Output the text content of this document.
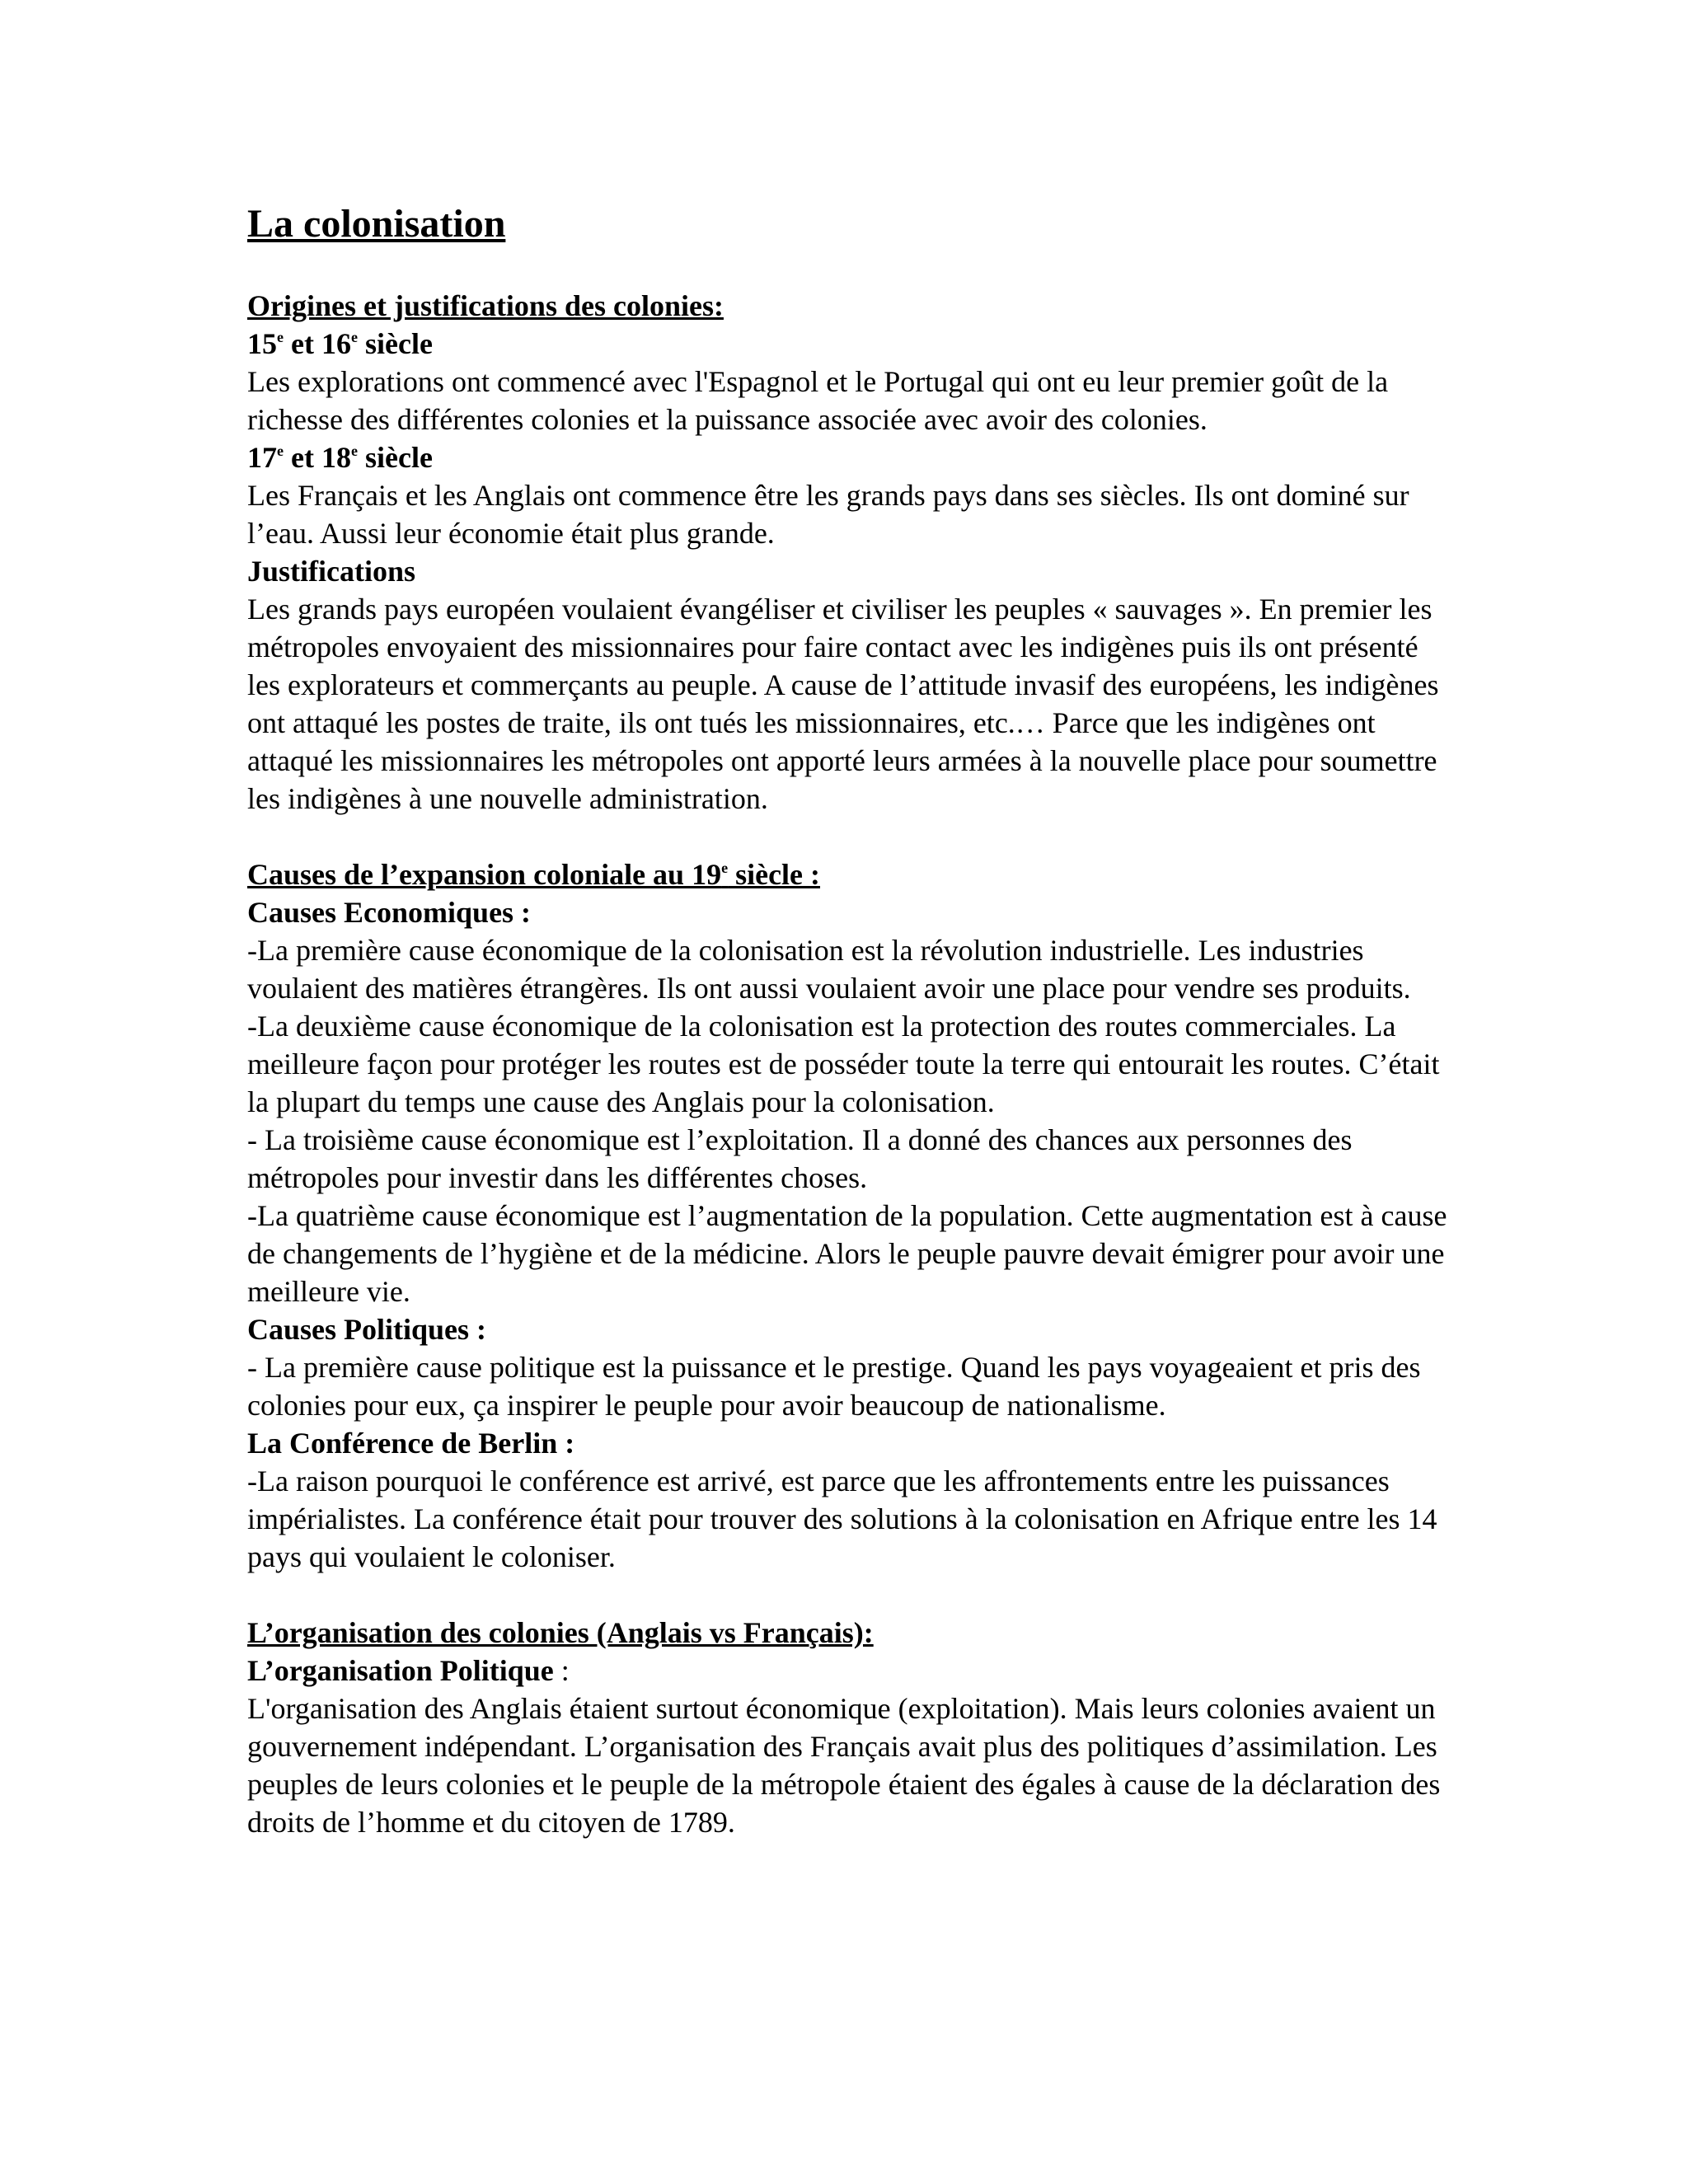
La colonisation
Origines et justifications des colonies:
15e et 16e siècle

Les explorations ont commencé avec l'Espagnol et le Portugal qui ont eu leur premier goût de la richesse des différentes colonies et la puissance associée avec avoir des colonies.

17e et 18e siècle

Les Français et les Anglais ont commence être les grands pays dans ses siècles. Ils ont dominé sur l’eau. Aussi leur économie était plus grande.

Justifications

Les grands pays européen voulaient évangéliser et civiliser les peuples « sauvages ». En premier les métropoles envoyaient des missionnaires pour faire contact avec les indigènes puis ils ont présenté les explorateurs et commerçants au peuple. A cause de l’attitude invasif des européens, les indigènes ont attaqué les postes de traite, ils ont tués les missionnaires, etc.… Parce que les indigènes ont attaqué les missionnaires les métropoles ont apporté leurs armées à la nouvelle place pour soumettre les indigènes à une nouvelle administration.

Causes de l’expansion coloniale au 19e siècle :
Causes Economiques :

-La première cause économique de la colonisation est la révolution industrielle. Les industries voulaient des matières étrangères. Ils ont aussi voulaient avoir une place pour vendre ses produits.

-La deuxième cause économique de la colonisation est la protection des routes commerciales. La meilleure façon pour protéger les routes est de posséder toute la terre qui entourait les routes. C’était la plupart du temps une cause des Anglais pour la colonisation.

- La troisième cause économique est l’exploitation. Il a donné des chances aux personnes des métropoles pour investir dans les différentes choses.

-La quatrième cause économique est l’augmentation de la population. Cette augmentation est à cause de changements de l’hygiène et de la médicine. Alors le peuple pauvre devait émigrer pour avoir une meilleure vie.

Causes Politiques :

- La première cause politique est la puissance et le prestige. Quand les pays voyageaient et pris des colonies pour eux, ça inspirer le peuple pour avoir beaucoup de nationalisme.

La Conférence de Berlin :

-La raison pourquoi le conférence est arrivé, est parce que les affrontements entre les puissances impérialistes. La conférence était pour trouver des solutions à la colonisation en Afrique entre les 14 pays qui voulaient le coloniser.

L’organisation des colonies (Anglais vs Français):
L’organisation Politique :

L'organisation des Anglais étaient surtout économique (exploitation). Mais leurs colonies avaient un gouvernement indépendant. L’organisation des Français avait plus des politiques d’assimilation. Les peuples de leurs colonies et le peuple de la métropole étaient des égales à cause de la déclaration des droits de l’homme et du citoyen de 1789.
